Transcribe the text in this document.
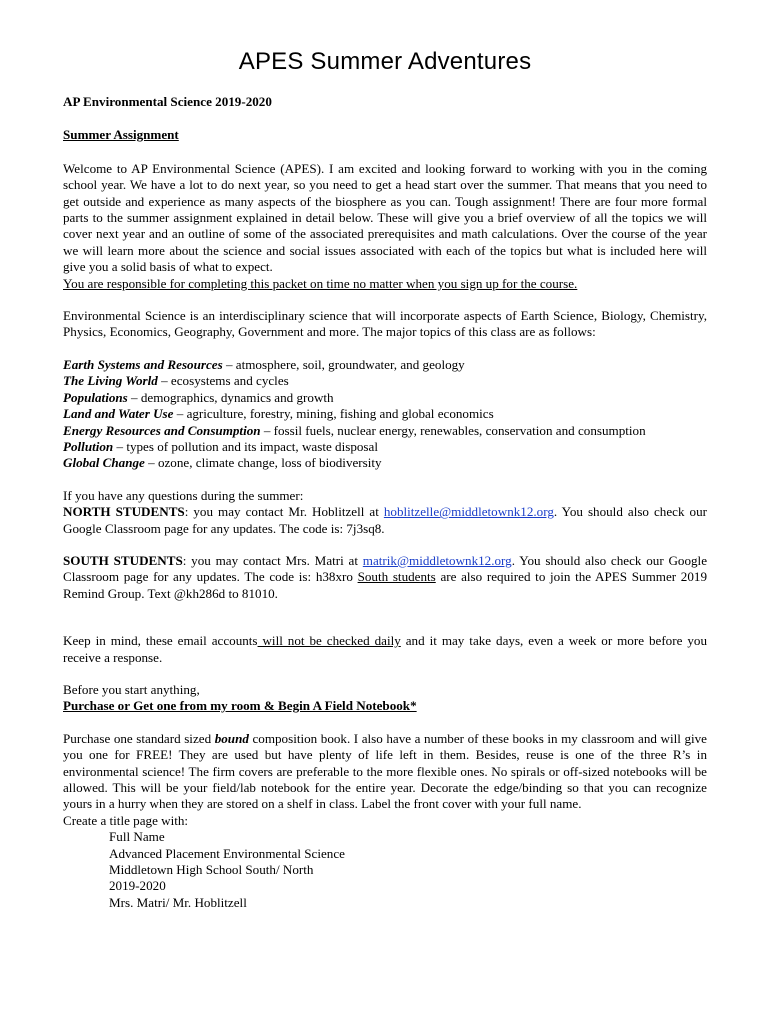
APES Summer Adventures

AP Environmental Science 2019-2020

Summer Assignment

Welcome to AP Environmental Science (APES). I am excited and looking forward to working with you in the coming school year. We have a lot to do next year, so you need to get a head start over the summer. That means that you need to get outside and experience as many aspects of the biosphere as you can. Tough assignment! There are four more formal parts to the summer assignment explained in detail below. These will give you a brief overview of all the topics we will cover next year and an outline of some of the associated prerequisites and math calculations. Over the course of the year we will learn more about the science and social issues associated with each of the topics but what is included here will give you a solid basis of what to expect.

You are responsible for completing this packet on time no matter when you sign up for the course.

Environmental Science is an interdisciplinary science that will incorporate aspects of Earth Science, Biology, Chemistry, Physics, Economics, Geography, Government and more. The major topics of this class are as follows:

Earth Systems and Resources – atmosphere, soil, groundwater, and geology

The Living World – ecosystems and cycles

Populations – demographics, dynamics and growth

Land and Water Use – agriculture, forestry, mining, fishing and global economics

Energy Resources and Consumption – fossil fuels, nuclear energy, renewables, conservation and consumption

Pollution – types of pollution and its impact, waste disposal

Global Change – ozone, climate change, loss of biodiversity

If you have any questions during the summer:

NORTH STUDENTS: you may contact Mr. Hoblitzell at hoblitzelle@middletownk12.org. You should also check our Google Classroom page for any updates. The code is: 7j3sq8.

SOUTH STUDENTS: you may contact Mrs. Matri at matrik@middletownk12.org. You should also check our Google Classroom page for any updates. The code is: h38xro South students are also required to join the APES Summer 2019 Remind Group. Text @kh286d to 81010.

Keep in mind, these email accounts will not be checked daily and it may take days, even a week or more before you receive a response.

Before you start anything,

Purchase or Get one from my room & Begin A Field Notebook*

Purchase one standard sized bound composition book. I also have a number of these books in my classroom and will give you one for FREE! They are used but have plenty of life left in them. Besides, reuse is one of the three R’s in environmental science! The firm covers are preferable to the more flexible ones. No spirals or off-sized notebooks will be allowed. This will be your field/lab notebook for the entire year. Decorate the edge/binding so that you can recognize yours in a hurry when they are stored on a shelf in class. Label the front cover with your full name.

Create a title page with:

Full Name

Advanced Placement Environmental Science

Middletown High School South/ North

2019-2020

Mrs. Matri/ Mr. Hoblitzell
